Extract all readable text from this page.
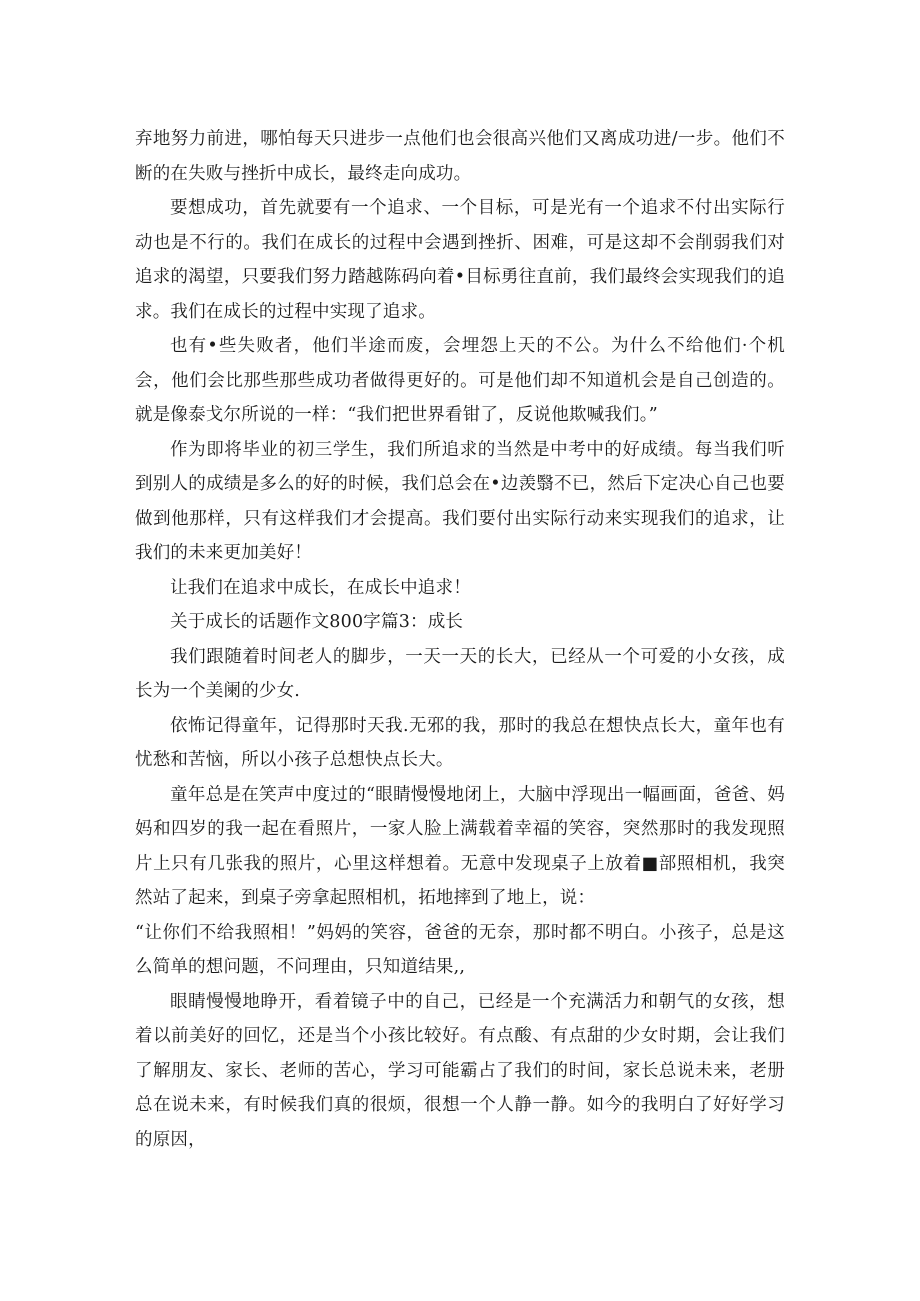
弃地努力前进，哪怕每天只进步一点他们也会很高兴他们又离成功进/一步。他们不断的在失败与挫折中成长，最终走向成功。

要想成功，首先就要有一个追求、一个目标，可是光有一个追求不付出实际行动也是不行的。我们在成长的过程中会遇到挫折、困难，可是这却不会削弱我们对追求的渴望，只要我们努力踏越陈码向着•目标勇往直前，我们最终会实现我们的追求。我们在成长的过程中实现了追求。

也有•些失败者，他们半途而废，会埋怨上天的不公。为什么不给他们·个机会，他们会比那些那些成功者做得更好的。可是他们却不知道机会是自己创造的。就是像泰戈尔所说的一样：“我们把世界看钳了，反说他欺喊我们。”

作为即将毕业的初三学生，我们所追求的当然是中考中的好成绩。每当我们听到别人的成绩是多么的好的时候，我们总会在•边羡翳不已，然后下定决心自己也要做到他那样，只有这样我们才会提高。我们要付出实际行动来实现我们的追求，让我们的未来更加美好！

让我们在追求中成长，在成长中追求！

关于成长的话题作文800字篇3：成长

我们跟随着时间老人的脚步，一天一天的长大，已经从一个可爱的小女孩，成长为一个美阑的少女.

依怖记得童年，记得那时天我.无邪的我，那时的我总在想快点长大，童年也有忧愁和苦恼，所以小孩子总想快点长大。

童年总是在笑声中度过的“眼睛慢慢地闭上，大脑中浮现出一幅画面，爸爸、妈妈和四岁的我一起在看照片，一家人脸上满载着幸福的笑容，突然那时的我发现照片上只有几张我的照片，心里这样想着。无意中发现桌子上放着■部照相机，我突然站了起来，到桌子旁拿起照相机，拓地摔到了地上，说：

“让你们不给我照相！”妈妈的笑容，爸爸的无奈，那时都不明白。小孩子，总是这么简单的想问题，不问理由，只知道结果,,

眼睛慢慢地睁开，看着镜子中的自己，已经是一个充满活力和朝气的女孩，想着以前美好的回忆，还是当个小孩比较好。有点酸、有点甜的少女时期，会让我们了解朋友、家长、老师的苦心，学习可能霸占了我们的时间，家长总说未来，老册总在说未来，有时候我们真的很烦，很想一个人静一静。如今的我明白了好好学习的原因，
